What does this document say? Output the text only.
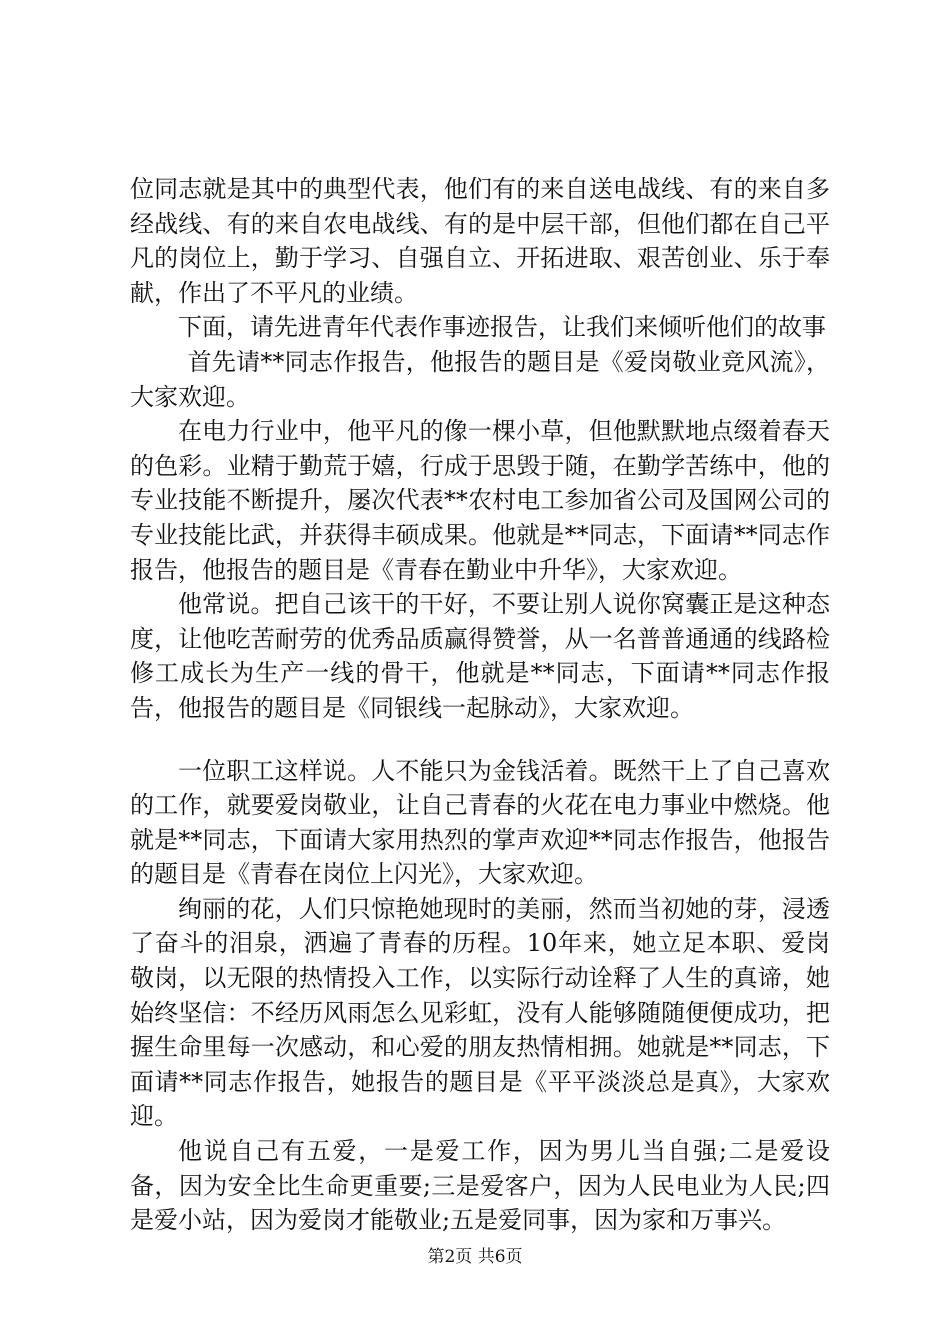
位同志就是其中的典型代表，他们有的来自送电战线、有的来自多经战线、有的来自农电战线、有的是中层干部，但他们都在自己平凡的岗位上，勤于学习、自强自立、开拓进取、艰苦创业、乐于奉献，作出了不平凡的业绩。

下面，请先进青年代表作事迹报告，让我们来倾听他们的故事

首先请**同志作报告，他报告的题目是《爱岗敬业竞风流》，大家欢迎。

在电力行业中，他平凡的像一棵小草，但他默默地点缀着春天的色彩。业精于勤荒于嬉，行成于思毁于随，在勤学苦练中，他的专业技能不断提升，屡次代表**农村电工参加省公司及国网公司的专业技能比武，并获得丰硕成果。他就是**同志，下面请**同志作报告，他报告的题目是《青春在勤业中升华》，大家欢迎。

他常说。把自己该干的干好，不要让别人说你窝囊正是这种态度，让他吃苦耐劳的优秀品质赢得赞誉，从一名普普通通的线路检修工成长为生产一线的骨干，他就是**同志，下面请**同志作报告，他报告的题目是《同银线一起脉动》，大家欢迎。

一位职工这样说。人不能只为金钱活着。既然干上了自己喜欢的工作，就要爱岗敬业，让自己青春的火花在电力事业中燃烧。他就是**同志，下面请大家用热烈的掌声欢迎**同志作报告，他报告的题目是《青春在岗位上闪光》，大家欢迎。

绚丽的花，人们只惊艳她现时的美丽，然而当初她的芽，浸透了奋斗的泪泉，洒遍了青春的历程。10年来，她立足本职、爱岗敬岗，以无限的热情投入工作，以实际行动诠释了人生的真谛，她始终坚信：不经历风雨怎么见彩虹，没有人能够随随便便成功，把握生命里每一次感动，和心爱的朋友热情相拥。她就是**同志，下面请**同志作报告，她报告的题目是《平平淡淡总是真》，大家欢迎。

他说自己有五爱，一是爱工作，因为男儿当自强;二是爱设备，因为安全比生命更重要;三是爱客户，因为人民电业为人民;四是爱小站，因为爱岗才能敬业;五是爱同事，因为家和万事兴。

第2页 共6页
